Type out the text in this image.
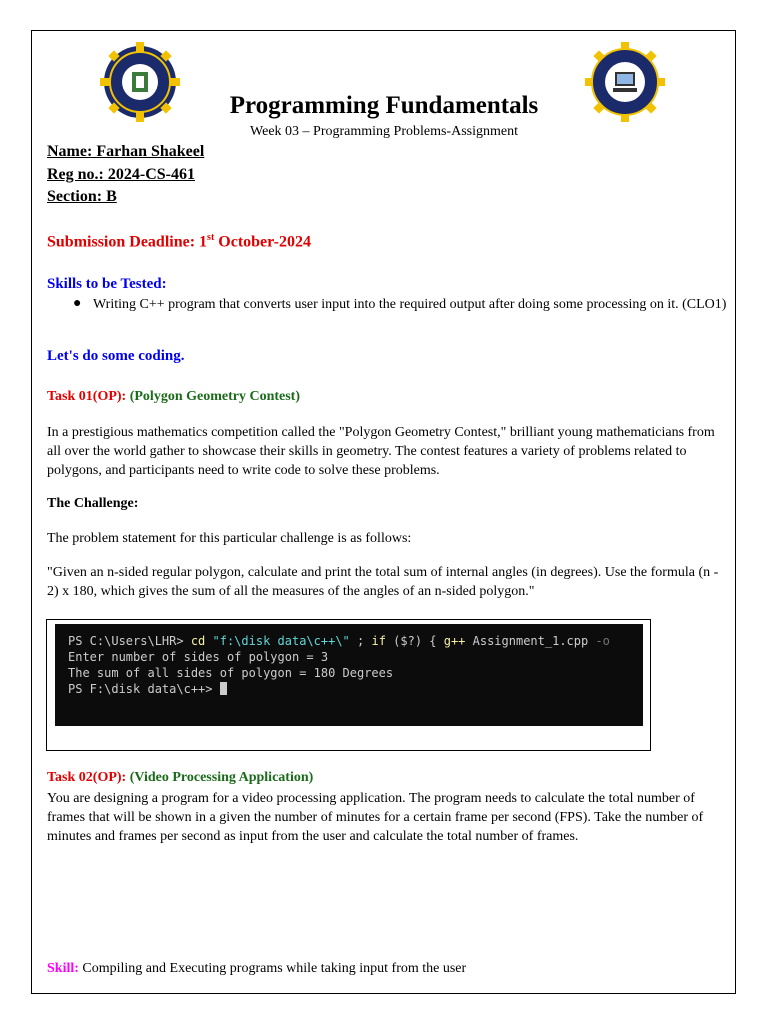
Programming Fundamentals
Week 03 – Programming Problems-Assignment
Name: Farhan Shakeel
Reg no.: 2024-CS-461
Section: B
Submission Deadline: 1st October-2024
Skills to be Tested:
● Writing C++ program that converts user input into the required output after doing some processing on it. (CLO1)
Let's do some coding.
Task 01(OP): (Polygon Geometry Contest)
In a prestigious mathematics competition called the "Polygon Geometry Contest," brilliant young mathematicians from all over the world gather to showcase their skills in geometry. The contest features a variety of problems related to polygons, and participants need to write code to solve these problems.
The Challenge:
The problem statement for this particular challenge is as follows:
"Given an n-sided regular polygon, calculate and print the total sum of internal angles (in degrees). Use the formula (n - 2) x 180, which gives the sum of all the measures of the angles of an n-sided polygon."
PS C:\Users\LHR> cd "f:\disk data\c++\" ; if ($?) { g++ Assignment_1.cpp -o
Enter number of sides of polygon = 3
The sum of all sides of polygon = 180 Degrees
PS F:\disk data\c++>
Task 02(OP): (Video Processing Application)
You are designing a program for a video processing application. The program needs to calculate the total number of frames that will be shown in a given the number of minutes for a certain frame per second (FPS). Take the number of minutes and frames per second as input from the user and calculate the total number of frames.
Skill: Compiling and Executing programs while taking input from the user
